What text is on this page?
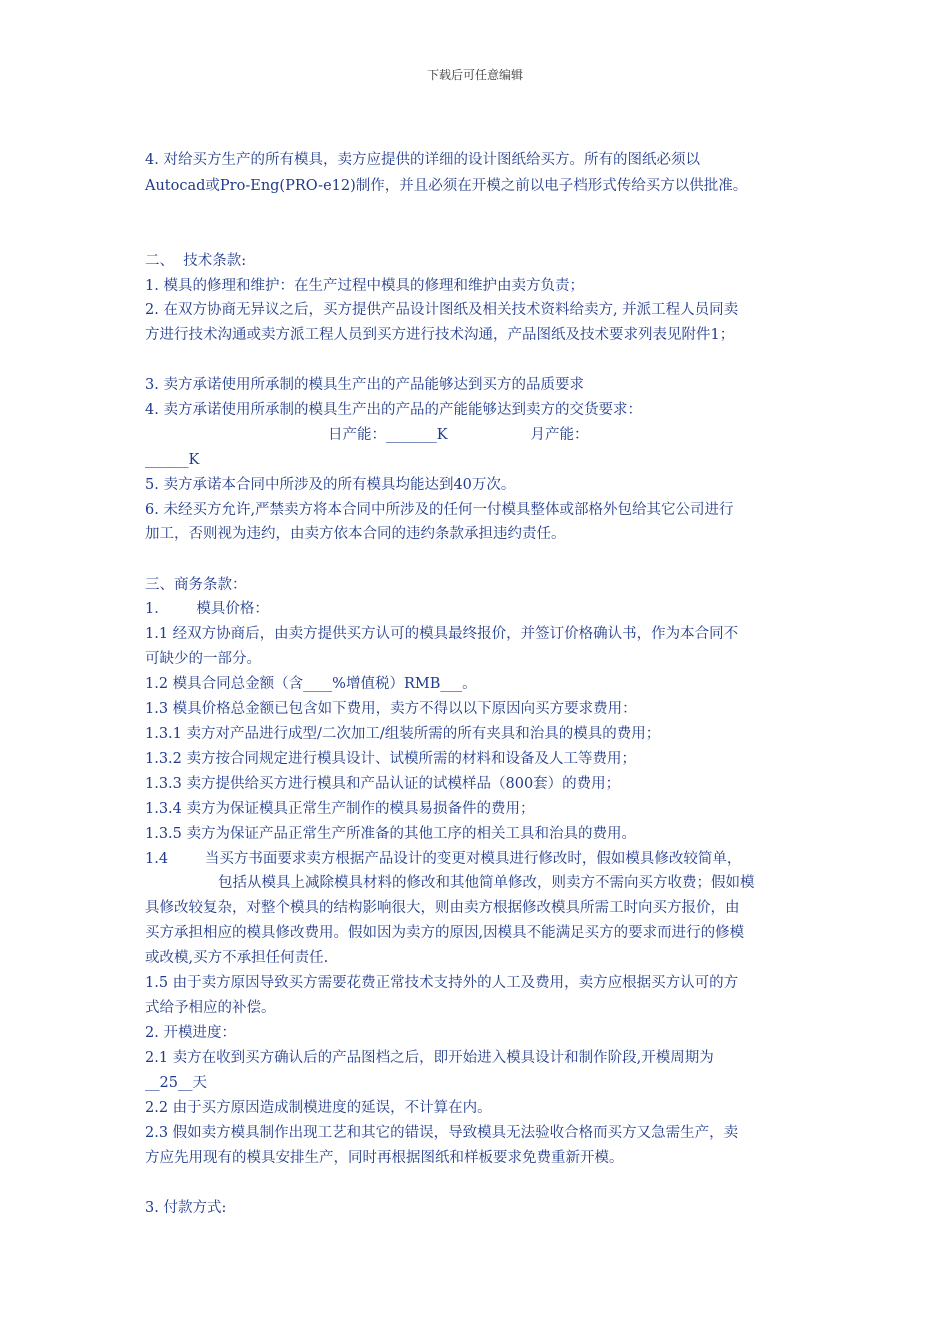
下载后可任意编辑
4. 对给买方生产的所有模具，卖方应提供的详细的设计图纸给买方。所有的图纸必须以
Autocad或Pro-Eng(PRO-e12)制作，并且必须在开模之前以电子档形式传给买方以供批准。
二、  技术条款:
1. 模具的修理和维护：在生产过程中模具的修理和维护由卖方负责；
2. 在双方协商无异议之后，买方提供产品设计图纸及相关技术资料给卖方, 并派工程人员同卖
方进行技术沟通或卖方派工程人员到买方进行技术沟通，产品图纸及技术要求列表见附件1；
3. 卖方承诺使用所承制的模具生产出的产品能够达到买方的品质要求
4. 卖方承诺使用所承制的模具生产出的产品的产能能够达到卖方的交货要求：
日产能：_______K                  月产能：
______K
5. 卖方承诺本合同中所涉及的所有模具均能达到40万次。
6. 未经买方允许,严禁卖方将本合同中所涉及的任何一付模具整体或部格外包给其它公司进行
加工，否则视为违约，由卖方依本合同的违约条款承担违约责任。
三、商务条款：
1．      模具价格：
1.1 经双方协商后，由卖方提供买方认可的模具最终报价，并签订价格确认书，作为本合同不
可缺少的一部分。
1.2 模具合同总金额（含____%增值税）RMB___。
1.3 模具价格总金额已包含如下费用，卖方不得以以下原因向买方要求费用：
1.3.1 卖方对产品进行成型/二次加工/组装所需的所有夹具和治具的模具的费用；
1.3.2 卖方按合同规定进行模具设计、试模所需的材料和设备及人工等费用；
1.3.3 卖方提供给买方进行模具和产品认证的试模样品（800套）的费用；
1.3.4 卖方为保证模具正常生产制作的模具易损备件的费用；
1.3.5 卖方为保证产品正常生产所准备的其他工序的相关工具和治具的费用。
1.4        当买方书面要求卖方根据产品设计的变更对模具进行修改时，假如模具修改较简单，
包括从模具上减除模具材料的修改和其他简单修改，则卖方不需向买方收费；假如模
具修改较复杂，对整个模具的结构影响很大，则由卖方根据修改模具所需工时向买方报价，由
买方承担相应的模具修改费用。假如因为卖方的原因,因模具不能满足买方的要求而进行的修模
或改模,买方不承担任何责任.
1.5 由于卖方原因导致买方需要花费正常技术支持外的人工及费用，卖方应根据买方认可的方
式给予相应的补偿。
2. 开模进度：
2.1 卖方在收到买方确认后的产品图档之后，即开始进入模具设计和制作阶段,开模周期为
__25__天
2.2 由于买方原因造成制模进度的延误，不计算在内。
2.3 假如卖方模具制作出现工艺和其它的错误，导致模具无法验收合格而买方又急需生产，卖
方应先用现有的模具安排生产，同时再根据图纸和样板要求免费重新开模。
3. 付款方式:
